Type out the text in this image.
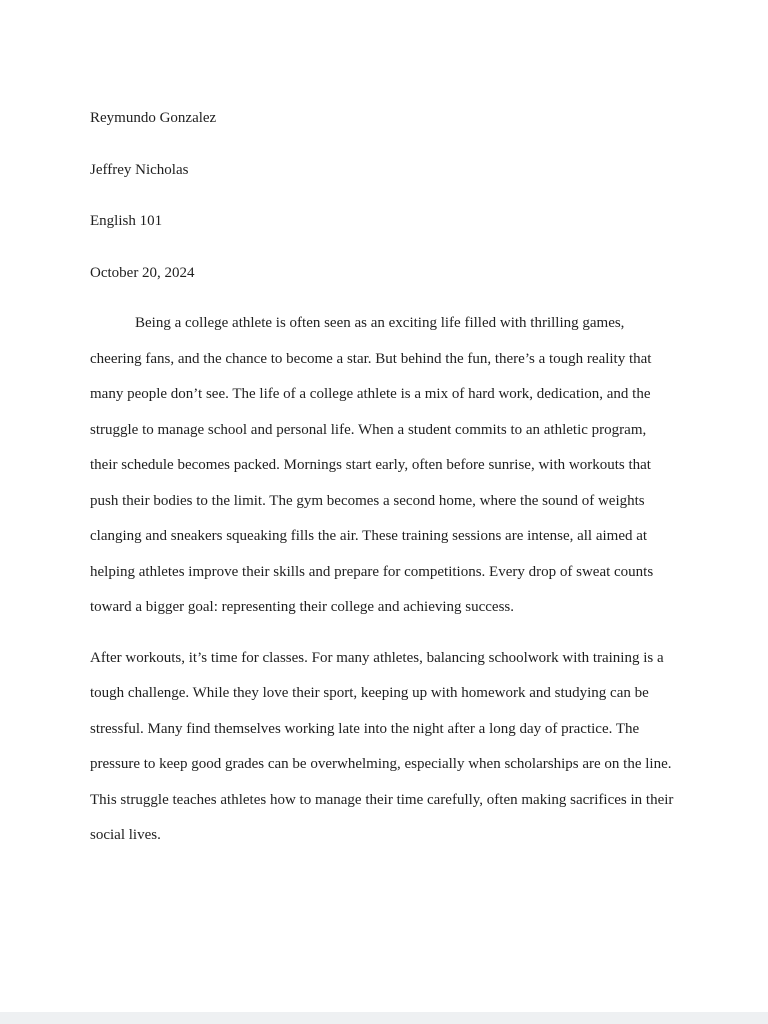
Reymundo Gonzalez
Jeffrey Nicholas
English 101
October 20, 2024
Being a college athlete is often seen as an exciting life filled with thrilling games,
cheering fans, and the chance to become a star. But behind the fun, there’s a tough reality that
many people don’t see. The life of a college athlete is a mix of hard work, dedication, and the
struggle to manage school and personal life. When a student commits to an athletic program,
their schedule becomes packed. Mornings start early, often before sunrise, with workouts that
push their bodies to the limit. The gym becomes a second home, where the sound of weights
clanging and sneakers squeaking fills the air. These training sessions are intense, all aimed at
helping athletes improve their skills and prepare for competitions. Every drop of sweat counts
toward a bigger goal: representing their college and achieving success.
After workouts, it’s time for classes. For many athletes, balancing schoolwork with training is a
tough challenge. While they love their sport, keeping up with homework and studying can be
stressful. Many find themselves working late into the night after a long day of practice. The
pressure to keep good grades can be overwhelming, especially when scholarships are on the line.
This struggle teaches athletes how to manage their time carefully, often making sacrifices in their
social lives.
